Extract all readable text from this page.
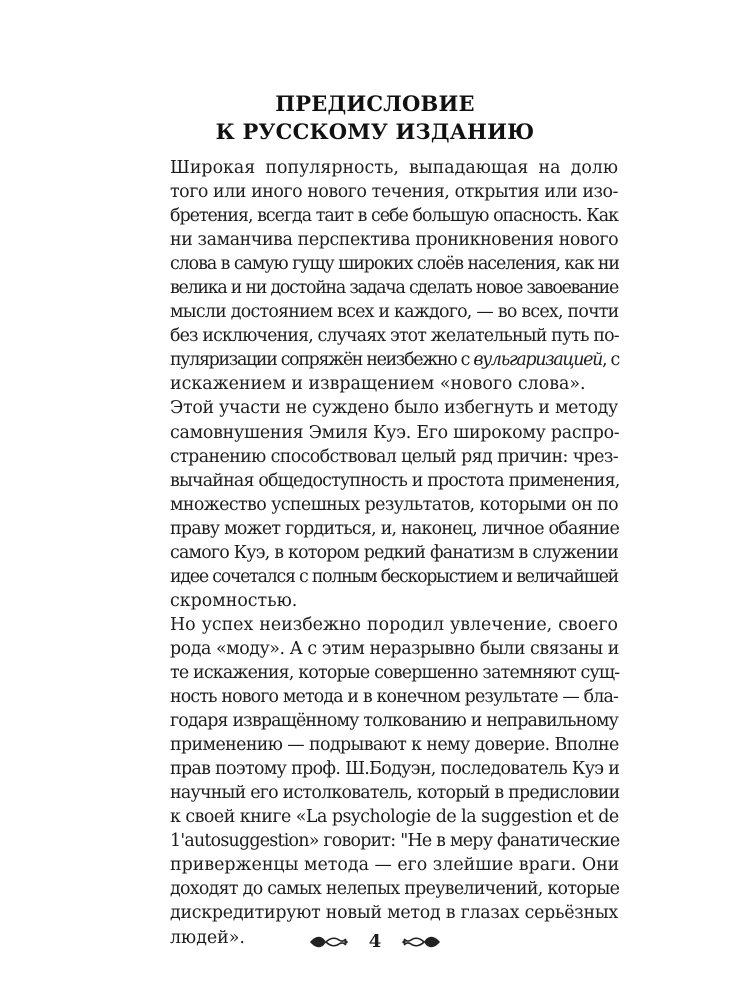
ПРЕДИСЛОВИЕ
К РУССКОМУ ИЗДАНИЮ
Широкая популярность, выпадающая на долю
того или иного нового течения, открытия или изо-
бретения, всегда таит в себе большую опасность. Как
ни заманчива перспектива проникновения нового
слова в самую гущу широких слоёв населения, как ни
велика и ни достойна задача сделать новое завоевание
мысли достоянием всех и каждого, — во всех, почти
без исключения, случаях этот желательный путь по-
пуляризации сопряжён неизбежно с вульгаризацией, с
искажением и извращением «нового слова».
Этой участи не суждено было избегнуть и методу
самовнушения Эмиля Куэ. Его широкому распро-
странению способствовал целый ряд причин: чрез-
вычайная общедоступность и простота применения,
множество успешных результатов, которыми он по
праву может гордиться, и, наконец, личное обаяние
самого Куэ, в котором редкий фанатизм в служении
идее сочетался с полным бескорыстием и величайшей
скромностью.
Но успех неизбежно породил увлечение, своего
рода «моду». А с этим неразрывно были связаны и
те искажения, которые совершенно затемняют сущ-
ность нового метода и в конечном результате — бла-
годаря извращённому толкованию и неправильному
применению — подрывают к нему доверие. Вполне
прав поэтому проф. Ш.Бодуэн, последователь Куэ и
научный его истолкователь, который в предисловии
к своей книге «La psychologie de la suggestion et de
1'autosuggestion» говорит: "Не в меру фанатические
приверженцы метода — его злейшие враги. Они
доходят до самых нелепых преувеличений, которые
дискредитируют новый метод в глазах серьёзных
людей».	4
